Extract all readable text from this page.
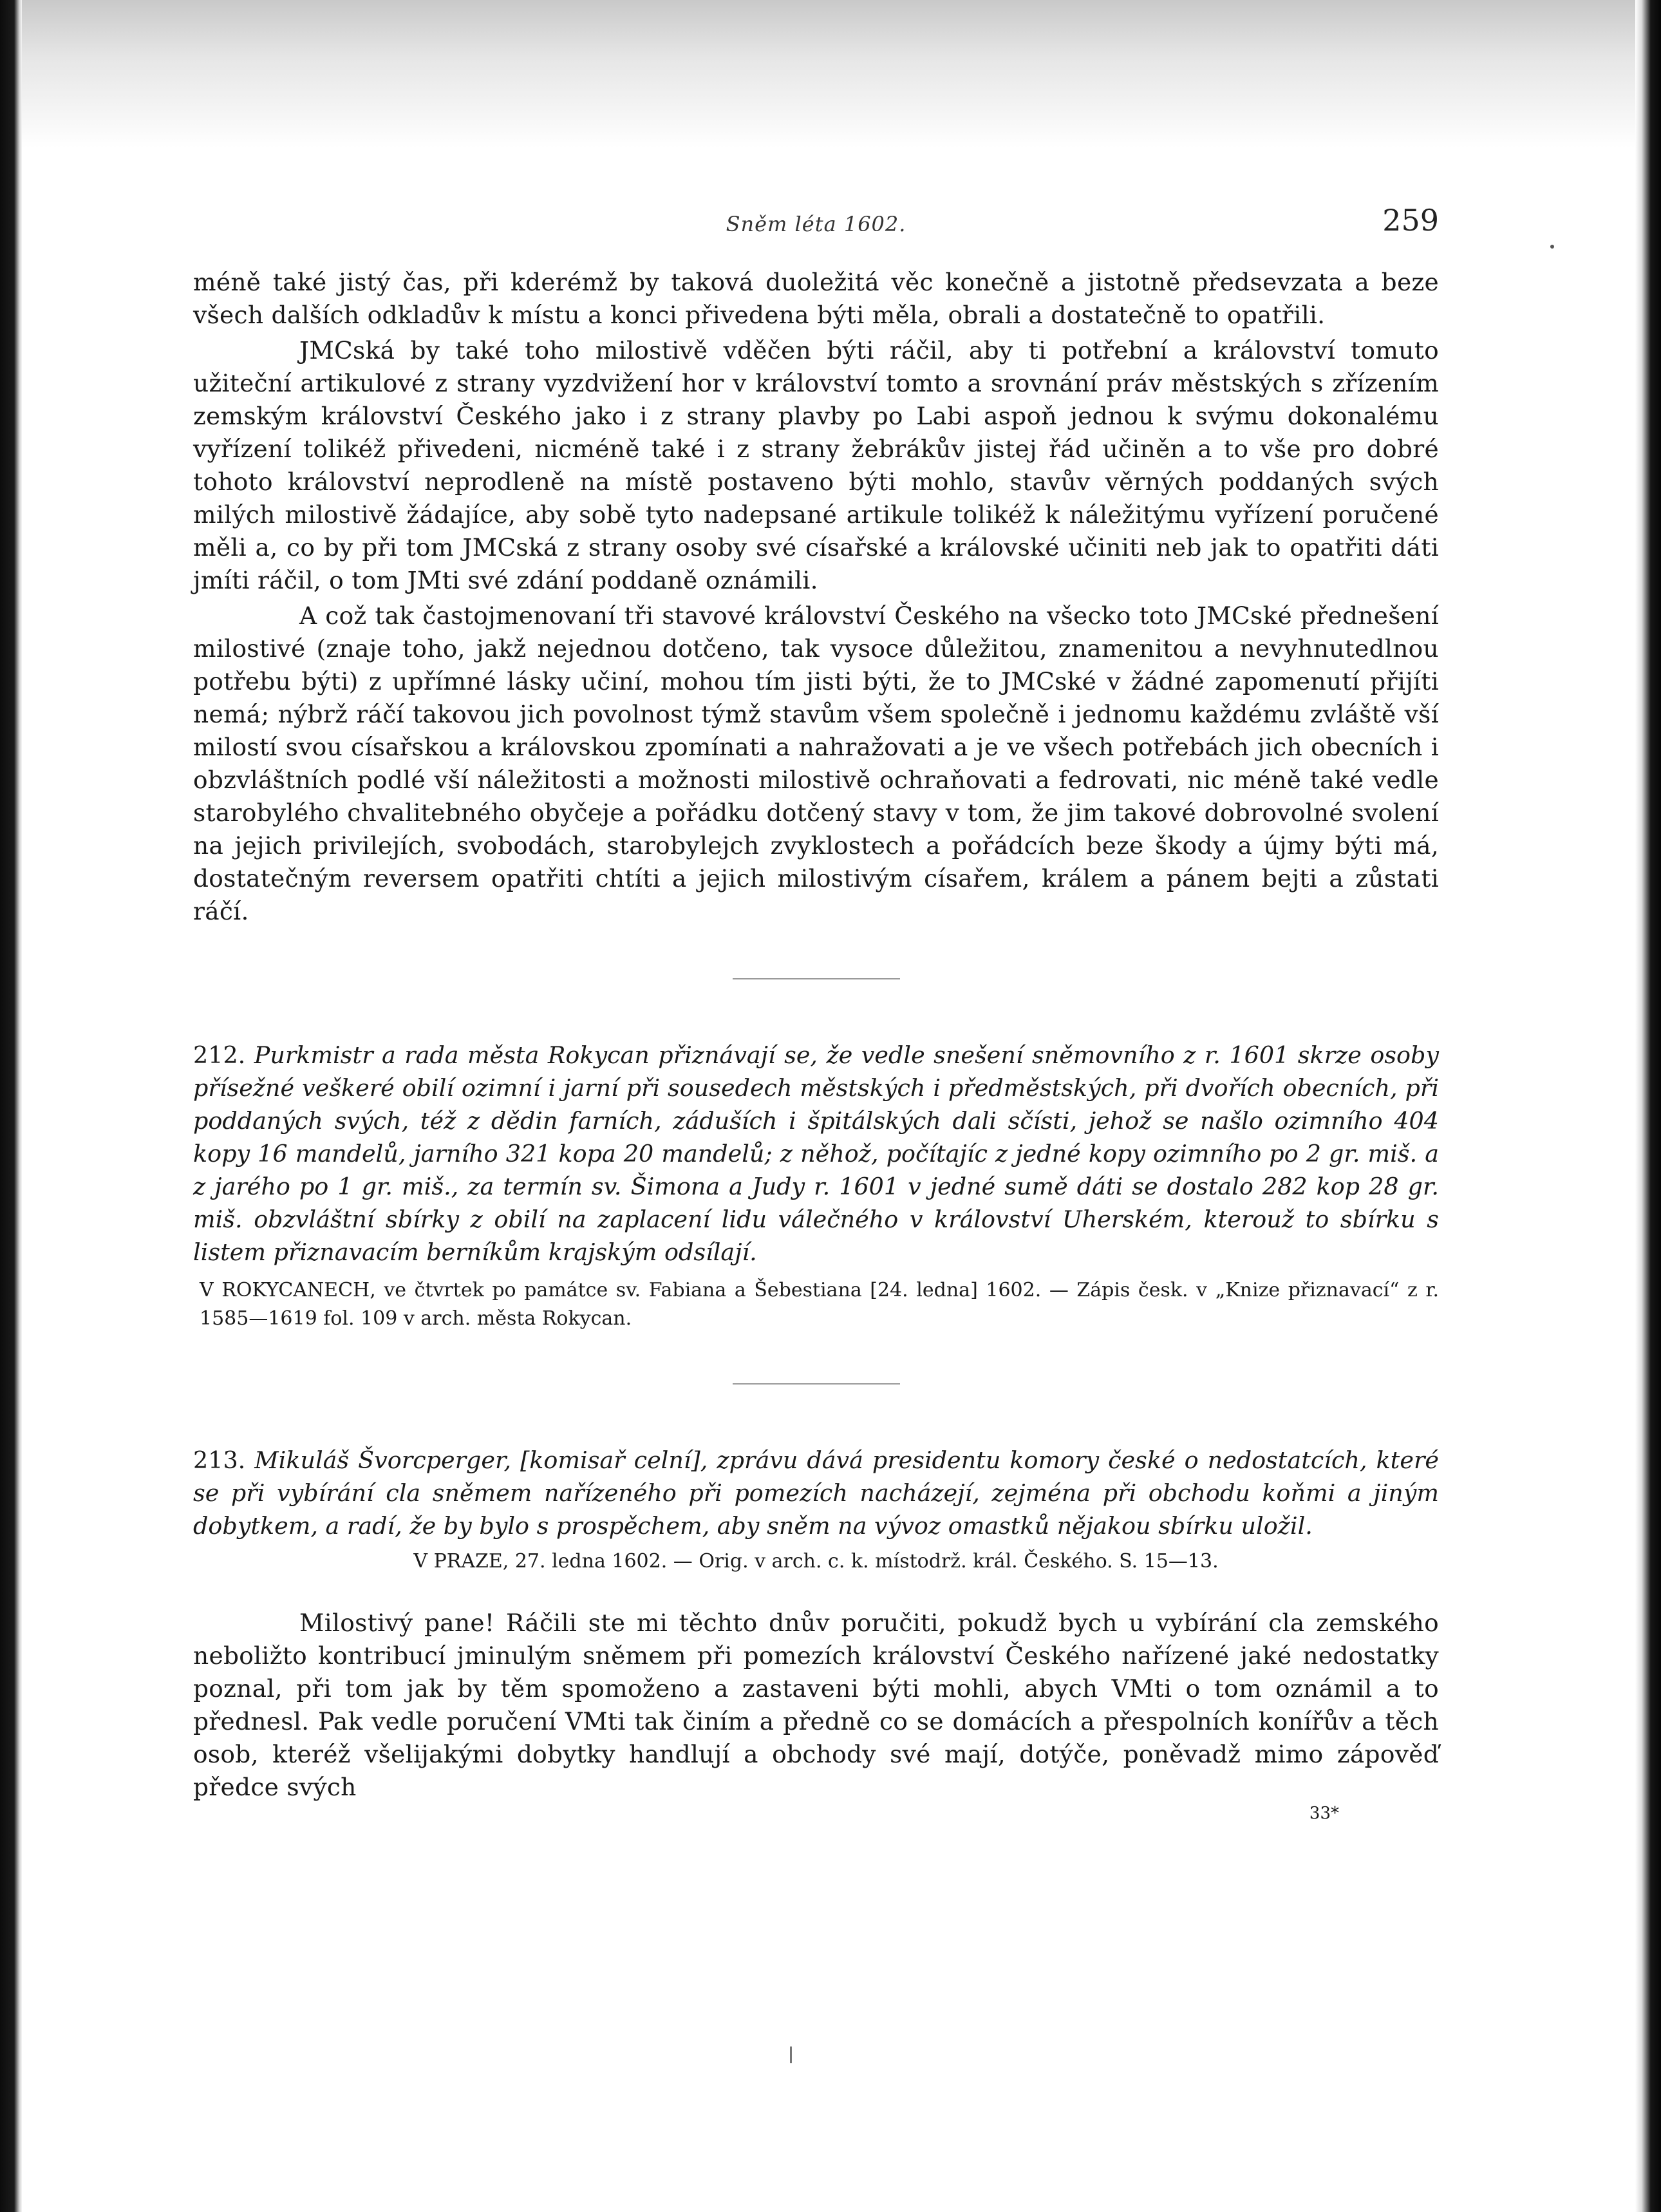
Sněm léta 1602.	259

méně také jistý čas, při kderémž by taková duoležitá věc konečně a jistotně předsevzata a beze všech dalších odkladův k místu a konci přivedena býti měla, obrali a dostatečně to opatřili.

JMCská by také toho milostivě vděčen býti ráčil, aby ti potřební a království tomuto užiteční artikulové z strany vyzdvižení hor v království tomto a srovnání práv městských s zřízením zemským království Českého jako i z strany plavby po Labi aspoň jednou k svýmu dokonalému vyřízení tolikéž přivedeni, nicméně také i z strany žebrákův jistej řád učiněn a to vše pro dobré tohoto království neprodleně na místě postaveno býti mohlo, stavův věrných poddaných svých milých milostivě žádajíce, aby sobě tyto nadepsané artikule tolikéž k náležitýmu vyřízení poručené měli a, co by při tom JMCská z strany osoby své císařské a královské učiniti neb jak to opatřiti dáti jmíti ráčil, o tom JMti své zdání poddaně oznámili.

A což tak častojmenovaní tři stavové království Českého na všecko toto JMCské přednešení milostivé (znaje toho, jakž nejednou dotčeno, tak vysoce důležitou, znamenitou a nevyhnutedlnou potřebu býti) z upřímné lásky učiní, mohou tím jisti býti, že to JMCské v žádné zapomenutí přijíti nemá; nýbrž ráčí takovou jich povolnost týmž stavům všem společně i jednomu každému zvláště vší milostí svou císařskou a královskou zpomínati a nahražovati a je ve všech potřebách jich obecních i obzvláštních podlé vší náležitosti a možnosti milostivě ochraňovati a fedrovati, nic méně také vedle starobylého chvalitebného obyčeje a pořádku dotčený stavy v tom, že jim takové dobrovolné svolení na jejich privilejích, svobodách, starobylejch zvyklostech a pořádcích beze škody a újmy býti má, dostatečným reversem opatřiti chtíti a jejich milostivým císařem, králem a pánem bejti a zůstati ráčí.

212. Purkmistr a rada města Rokycan přiznávají se, že vedle snešení sněmovního z r. 1601 skrze osoby přísežné veškeré obilí ozimní i jarní při sousedech městských i předměstských, při dvořích obecních, při poddaných svých, též z dědin farních, záduších i špitálských dali sčísti, jehož se našlo ozimního 404 kopy 16 mandelů, jarního 321 kopa 20 mandelů; z něhož, počítajíc z jedné kopy ozimního po 2 gr. miš. a z jarého po 1 gr. miš., za termín sv. Šimona a Judy r. 1601 v jedné sumě dáti se dostalo 282 kop 28 gr. miš. obzvláštní sbírky z obilí na zaplacení lidu válečného v království Uherském, kterouž to sbírku s listem přiznavacím berníkům krajským odsílají.

V ROKYCANECH, ve čtvrtek po památce sv. Fabiana a Šebestiana [24. ledna] 1602. — Zápis česk. v „Knize přiznavací“ z r. 1585—1619 fol. 109 v arch. města Rokycan.

213. Mikuláš Švorcperger, [komisař celní], zprávu dává presidentu komory české o nedostatcích, které se při vybírání cla sněmem nařízeného při pomezích nacházejí, zejména při obchodu koňmi a jiným dobytkem, a radí, že by bylo s prospěchem, aby sněm na vývoz omastků nějakou sbírku uložil.

V PRAZE, 27. ledna 1602. — Orig. v arch. c. k. místodrž. král. Českého. S. 15—13.

Milostivý pane! Ráčili ste mi těchto dnův poručiti, pokudž bych u vybírání cla zemského neboližto kontribucí jminulým sněmem při pomezích království Českého nařízené jaké nedostatky poznal, při tom jak by těm spomoženo a zastaveni býti mohli, abych VMti o tom oznámil a to přednesl. Pak vedle poručení VMti tak činím a předně co se domácích a přespolních konířův a těch osob, kteréž všelijakými dobytky handlují a obchody své mají, dotýče, poněvadž mimo zápověď předce svých

33*
